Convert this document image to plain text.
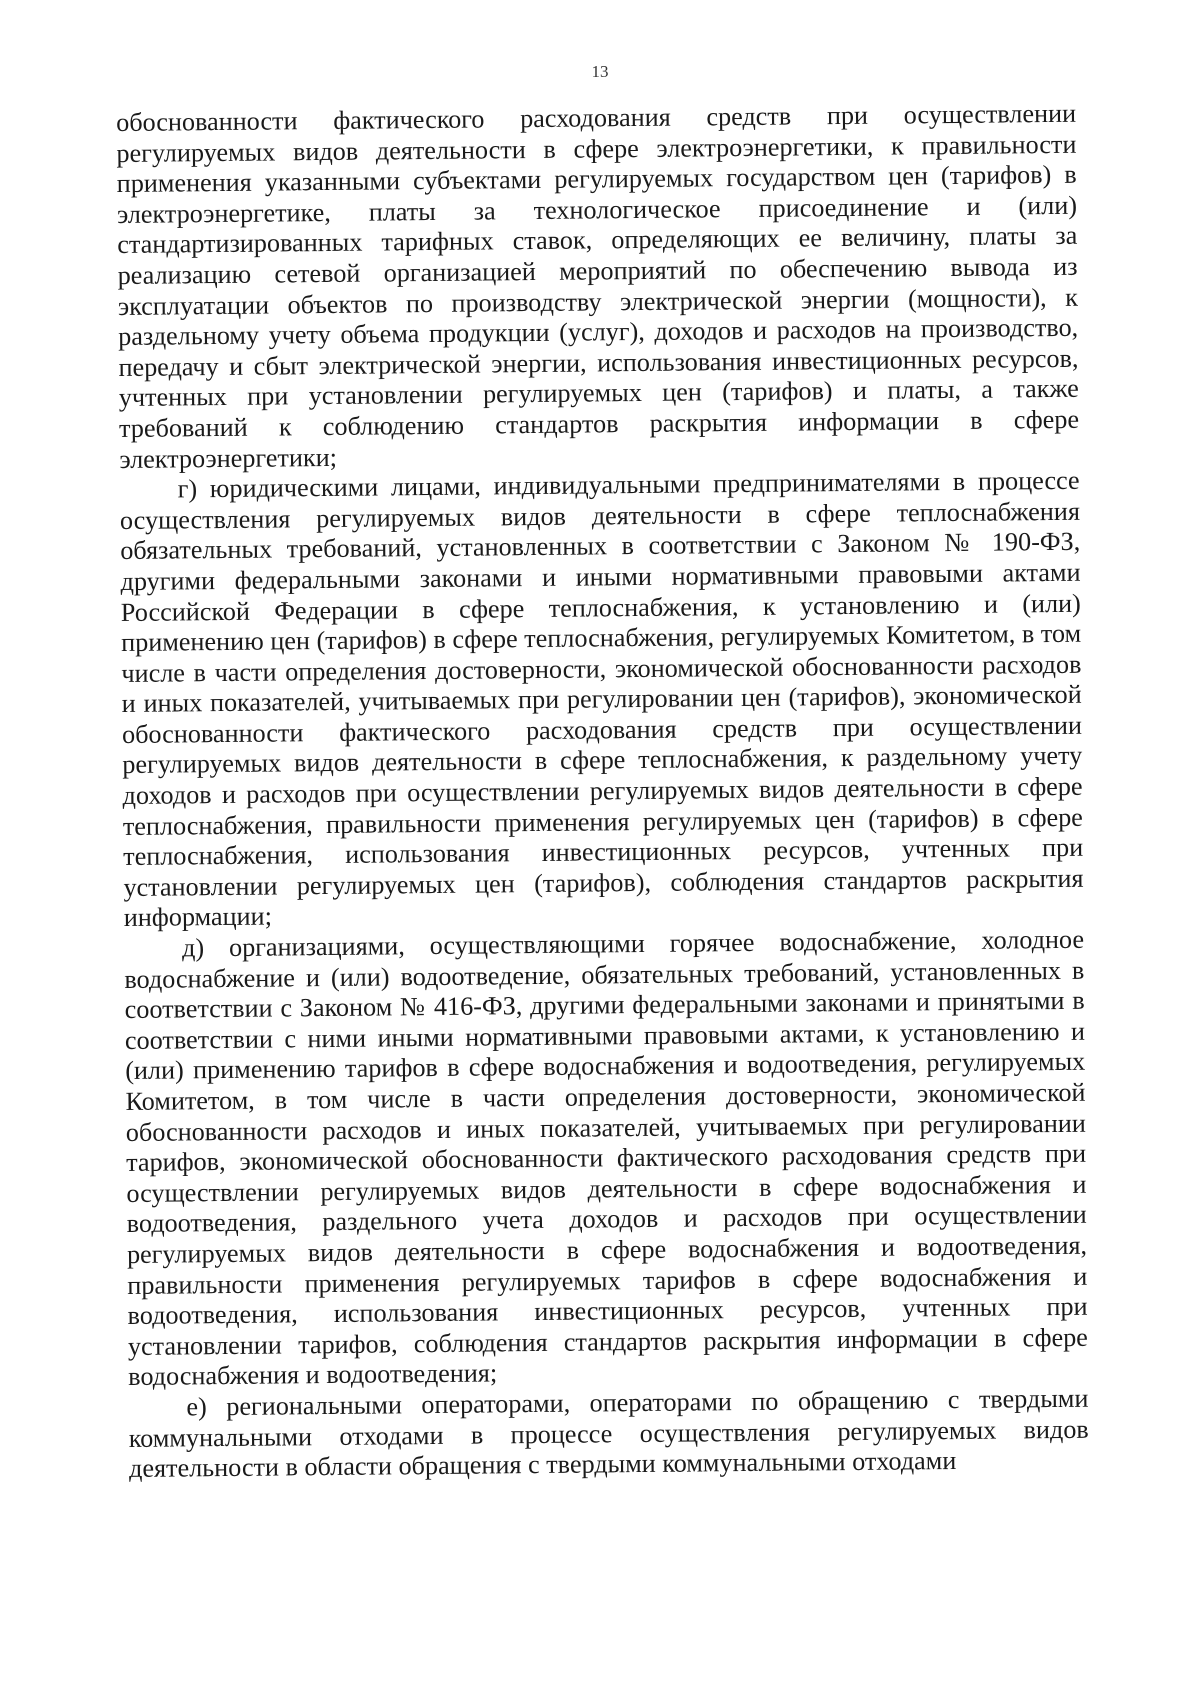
13

обоснованности фактического расходования средств при осуществлении регулируемых видов деятельности в сфере электроэнергетики, к правильности применения указанными субъектами регулируемых государством цен (тарифов) в электроэнергетике, платы за технологическое присоединение и (или) стандартизированных тарифных ставок, определяющих ее величину, платы за реализацию сетевой организацией мероприятий по обеспечению вывода из эксплуатации объектов по производству электрической энергии (мощности), к раздельному учету объема продукции (услуг), доходов и расходов на производство, передачу и сбыт электрической энергии, использования инвестиционных ресурсов, учтенных при установлении регулируемых цен (тарифов) и платы, а также требований к соблюдению стандартов раскрытия информации в сфере электроэнергетики;

г) юридическими лицами, индивидуальными предпринимателями в процессе осуществления регулируемых видов деятельности в сфере теплоснабжения обязательных требований, установленных в соответствии с Законом № 190-ФЗ, другими федеральными законами и иными нормативными правовыми актами Российской Федерации в сфере теплоснабжения, к установлению и (или) применению цен (тарифов) в сфере теплоснабжения, регулируемых Комитетом, в том числе в части определения достоверности, экономической обоснованности расходов и иных показателей, учитываемых при регулировании цен (тарифов), экономической обоснованности фактического расходования средств при осуществлении регулируемых видов деятельности в сфере теплоснабжения, к раздельному учету доходов и расходов при осуществлении регулируемых видов деятельности в сфере теплоснабжения, правильности применения регулируемых цен (тарифов) в сфере теплоснабжения, использования инвестиционных ресурсов, учтенных при установлении регулируемых цен (тарифов), соблюдения стандартов раскрытия информации;

д) организациями, осуществляющими горячее водоснабжение, холодное водоснабжение и (или) водоотведение, обязательных требований, установленных в соответствии с Законом № 416-ФЗ, другими федеральными законами и принятыми в соответствии с ними иными нормативными правовыми актами, к установлению и (или) применению тарифов в сфере водоснабжения и водоотведения, регулируемых Комитетом, в том числе в части определения достоверности, экономической обоснованности расходов и иных показателей, учитываемых при регулировании тарифов, экономической обоснованности фактического расходования средств при осуществлении регулируемых видов деятельности в сфере водоснабжения и водоотведения, раздельного учета доходов и расходов при осуществлении регулируемых видов деятельности в сфере водоснабжения и водоотведения, правильности применения регулируемых тарифов в сфере водоснабжения и водоотведения, использования инвестиционных ресурсов, учтенных при установлении тарифов, соблюдения стандартов раскрытия информации в сфере водоснабжения и водоотведения;

е) региональными операторами, операторами по обращению с твердыми коммунальными отходами в процессе осуществления регулируемых видов деятельности в области обращения с твердыми коммунальными отходами
